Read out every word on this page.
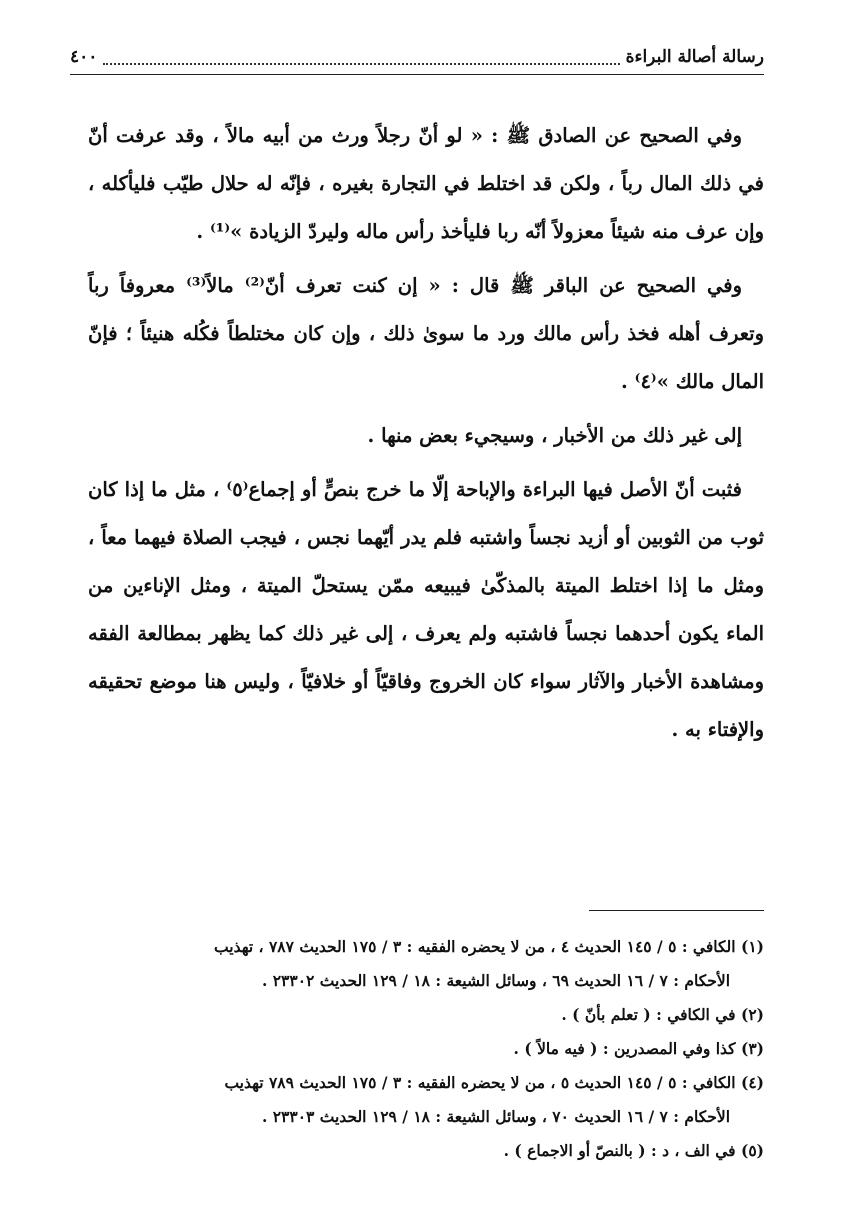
رسالة أصالة البراءة
٤٠٠

وفي الصحيح عن الصادق ﷺ : « لو أنّ رجلاً ورث من أبيه مالاً ، وقد عرفت أنّ في ذلك المال رباً ، ولكن قد اختلط في التجارة بغيره ، فإنّه له حلال طيّب فليأكله ، وإن عرف منه شيئاً معزولاً أنّه ربا فليأخذ رأس ماله وليردّ الزيادة »⁽¹⁾ .

وفي الصحيح عن الباقر ﷺ قال : « إن كنت تعرف أنّ⁽²⁾ مالاً⁽³⁾ معروفاً رباً وتعرف أهله فخذ رأس مالك ورد ما سوىٰ ذلك ، وإن كان مختلطاً فكُله هنيئاً ؛ فإنّ المال مالك »⁽٤⁾ .

إلى غير ذلك من الأخبار ، وسيجيء بعض منها .

فثبت أنّ الأصل فيها البراءة والإباحة إلّا ما خرج بنصٍّ أو إجماع⁽٥⁾ ، مثل ما إذا كان ثوب من الثوبين أو أزيد نجساً واشتبه فلم يدر أيّهما نجس ، فيجب الصلاة فيهما معاً ، ومثل ما إذا اختلط الميتة بالمذكّىٰ فيبيعه ممّن يستحلّ الميتة ، ومثل الإناءين من الماء يكون أحدهما نجساً فاشتبه ولم يعرف ، إلى غير ذلك كما يظهر بمطالعة الفقه ومشاهدة الأخبار والآثار سواء كان الخروج وفاقيّاً أو خلافيّاً ، وليس هنا موضع تحقيقه والإفتاء به .

(١) الكافي : ٥ / ١٤٥ الحديث ٤ ، من لا يحضره الفقيه : ٣ / ١٧٥ الحديث ٧٨٧ ، تهذيب
الأحكام : ٧ / ١٦ الحديث ٦٩ ، وسائل الشيعة : ١٨ / ١٢٩ الحديث ٢٣٣٠٢ .
(٢) في الكافي : ( تعلم بأنّ ) .
(٣) كذا وفي المصدرين : ( فيه مالاً ) .
(٤) الكافي : ٥ / ١٤٥ الحديث ٥ ، من لا يحضره الفقيه : ٣ / ١٧٥ الحديث ٧٨٩ تهذيب
الأحكام : ٧ / ١٦ الحديث ٧٠ ، وسائل الشيعة : ١٨ / ١٢٩ الحديث ٢٣٣٠٣ .
(٥) في الف ، د : ( بالنصّ أو الاجماع ) .
